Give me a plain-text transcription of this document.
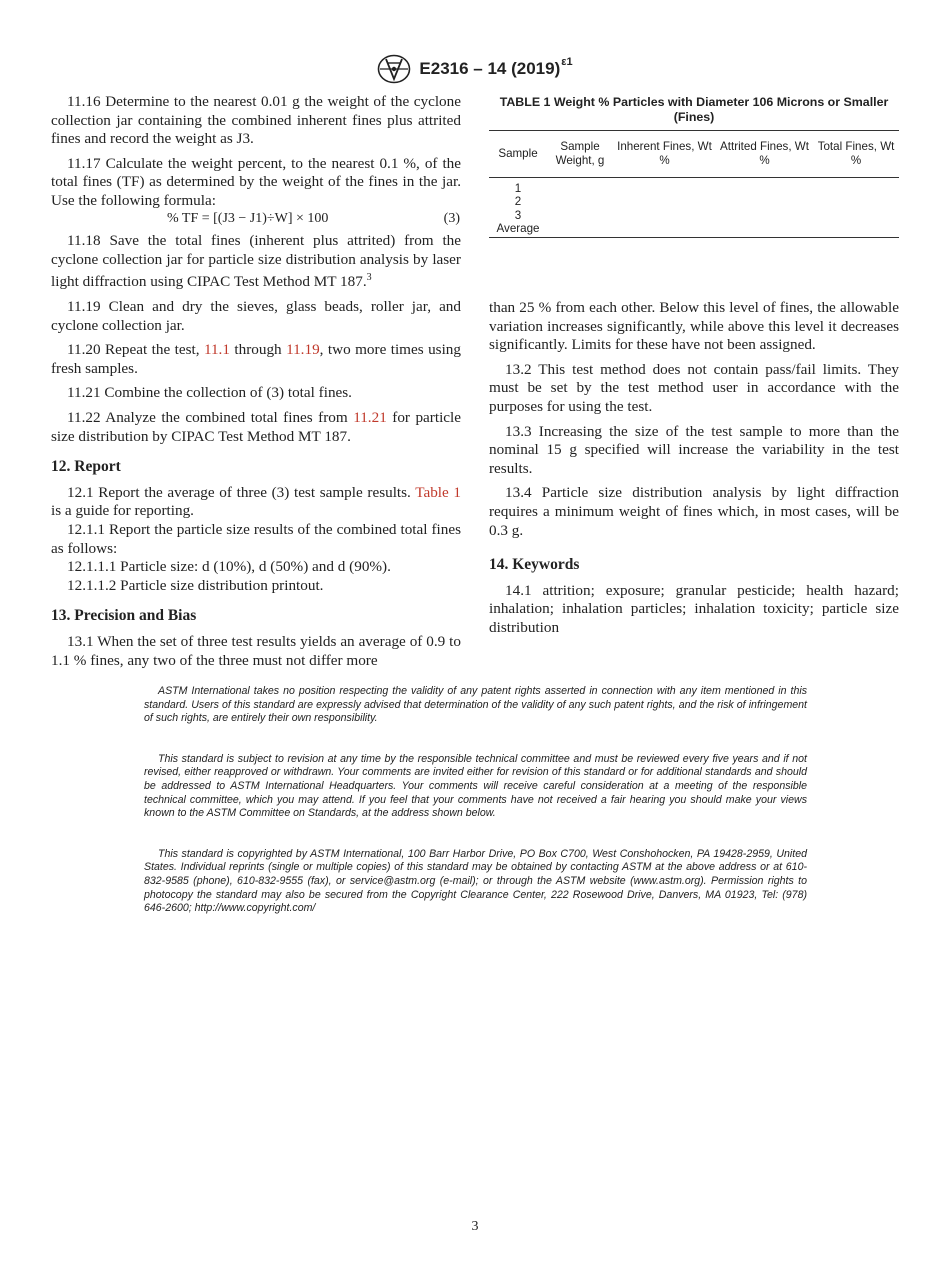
E2316 – 14 $(2019)^{\varepsilon 1}$

11.16 Determine to the nearest 0.01 g the weight of the cyclone collection jar containing the combined inherent fines plus attrited fines and record the weight as J3.

11.17 Calculate the weight percent, to the nearest 0.1 %, of the total fines (TF) as determined by the weight of the fines in the jar. Use the following formula:

% TF = [(J3 − J1)÷W] × 100	(3)

11.18 Save the total fines (inherent plus attrited) from the cyclone collection jar for particle size distribution analysis by laser light diffraction using CIPAC Test Method MT 187.$^3$

11.19 Clean and dry the sieves, glass beads, roller jar, and cyclone collection jar.

11.20 Repeat the test, 11.1 through 11.19, two more times using fresh samples.

11.21 Combine the collection of (3) total fines.

11.22 Analyze the combined total fines from 11.21 for particle size distribution by CIPAC Test Method MT 187.

12. Report

12.1 Report the average of three (3) test sample results. Table 1 is a guide for reporting.

12.1.1 Report the particle size results of the combined total fines as follows:

12.1.1.1 Particle size: d (10%), d (50%) and d (90%).

12.1.1.2 Particle size distribution printout.

13. Precision and Bias

13.1 When the set of three test results yields an average of 0.9 to 1.1 % fines, any two of the three must not differ more

TABLE 1 Weight % Particles with Diameter 106 Microns or Smaller (Fines)
Sample	Sample Weight, g	Inherent Fines, Wt %	Attrited Fines, Wt %	Total Fines, Wt %
1				
2				
3				
Average				

than 25 % from each other. Below this level of fines, the allowable variation increases significantly, while above this level it decreases significantly. Limits for these have not been assigned.

13.2 This test method does not contain pass/fail limits. They must be set by the test method user in accordance with the purposes for using the test.

13.3 Increasing the size of the test sample to more than the nominal 15 g specified will increase the variability in the test results.

13.4 Particle size distribution analysis by light diffraction requires a minimum weight of fines which, in most cases, will be 0.3 g.

14. Keywords

14.1 attrition; exposure; granular pesticide; health hazard; inhalation; inhalation particles; inhalation toxicity; particle size distribution

ASTM International takes no position respecting the validity of any patent rights asserted in connection with any item mentioned in this standard. Users of this standard are expressly advised that determination of the validity of any such patent rights, and the risk of infringement of such rights, are entirely their own responsibility.

This standard is subject to revision at any time by the responsible technical committee and must be reviewed every five years and if not revised, either reapproved or withdrawn. Your comments are invited either for revision of this standard or for additional standards and should be addressed to ASTM International Headquarters. Your comments will receive careful consideration at a meeting of the responsible technical committee, which you may attend. If you feel that your comments have not received a fair hearing you should make your views known to the ASTM Committee on Standards, at the address shown below.

This standard is copyrighted by ASTM International, 100 Barr Harbor Drive, PO Box C700, West Conshohocken, PA 19428-2959, United States. Individual reprints (single or multiple copies) of this standard may be obtained by contacting ASTM at the above address or at 610-832-9585 (phone), 610-832-9555 (fax), or service@astm.org (e-mail); or through the ASTM website (www.astm.org). Permission rights to photocopy the standard may also be secured from the Copyright Clearance Center, 222 Rosewood Drive, Danvers, MA 01923, Tel: (978) 646-2600; http://www.copyright.com/

3
